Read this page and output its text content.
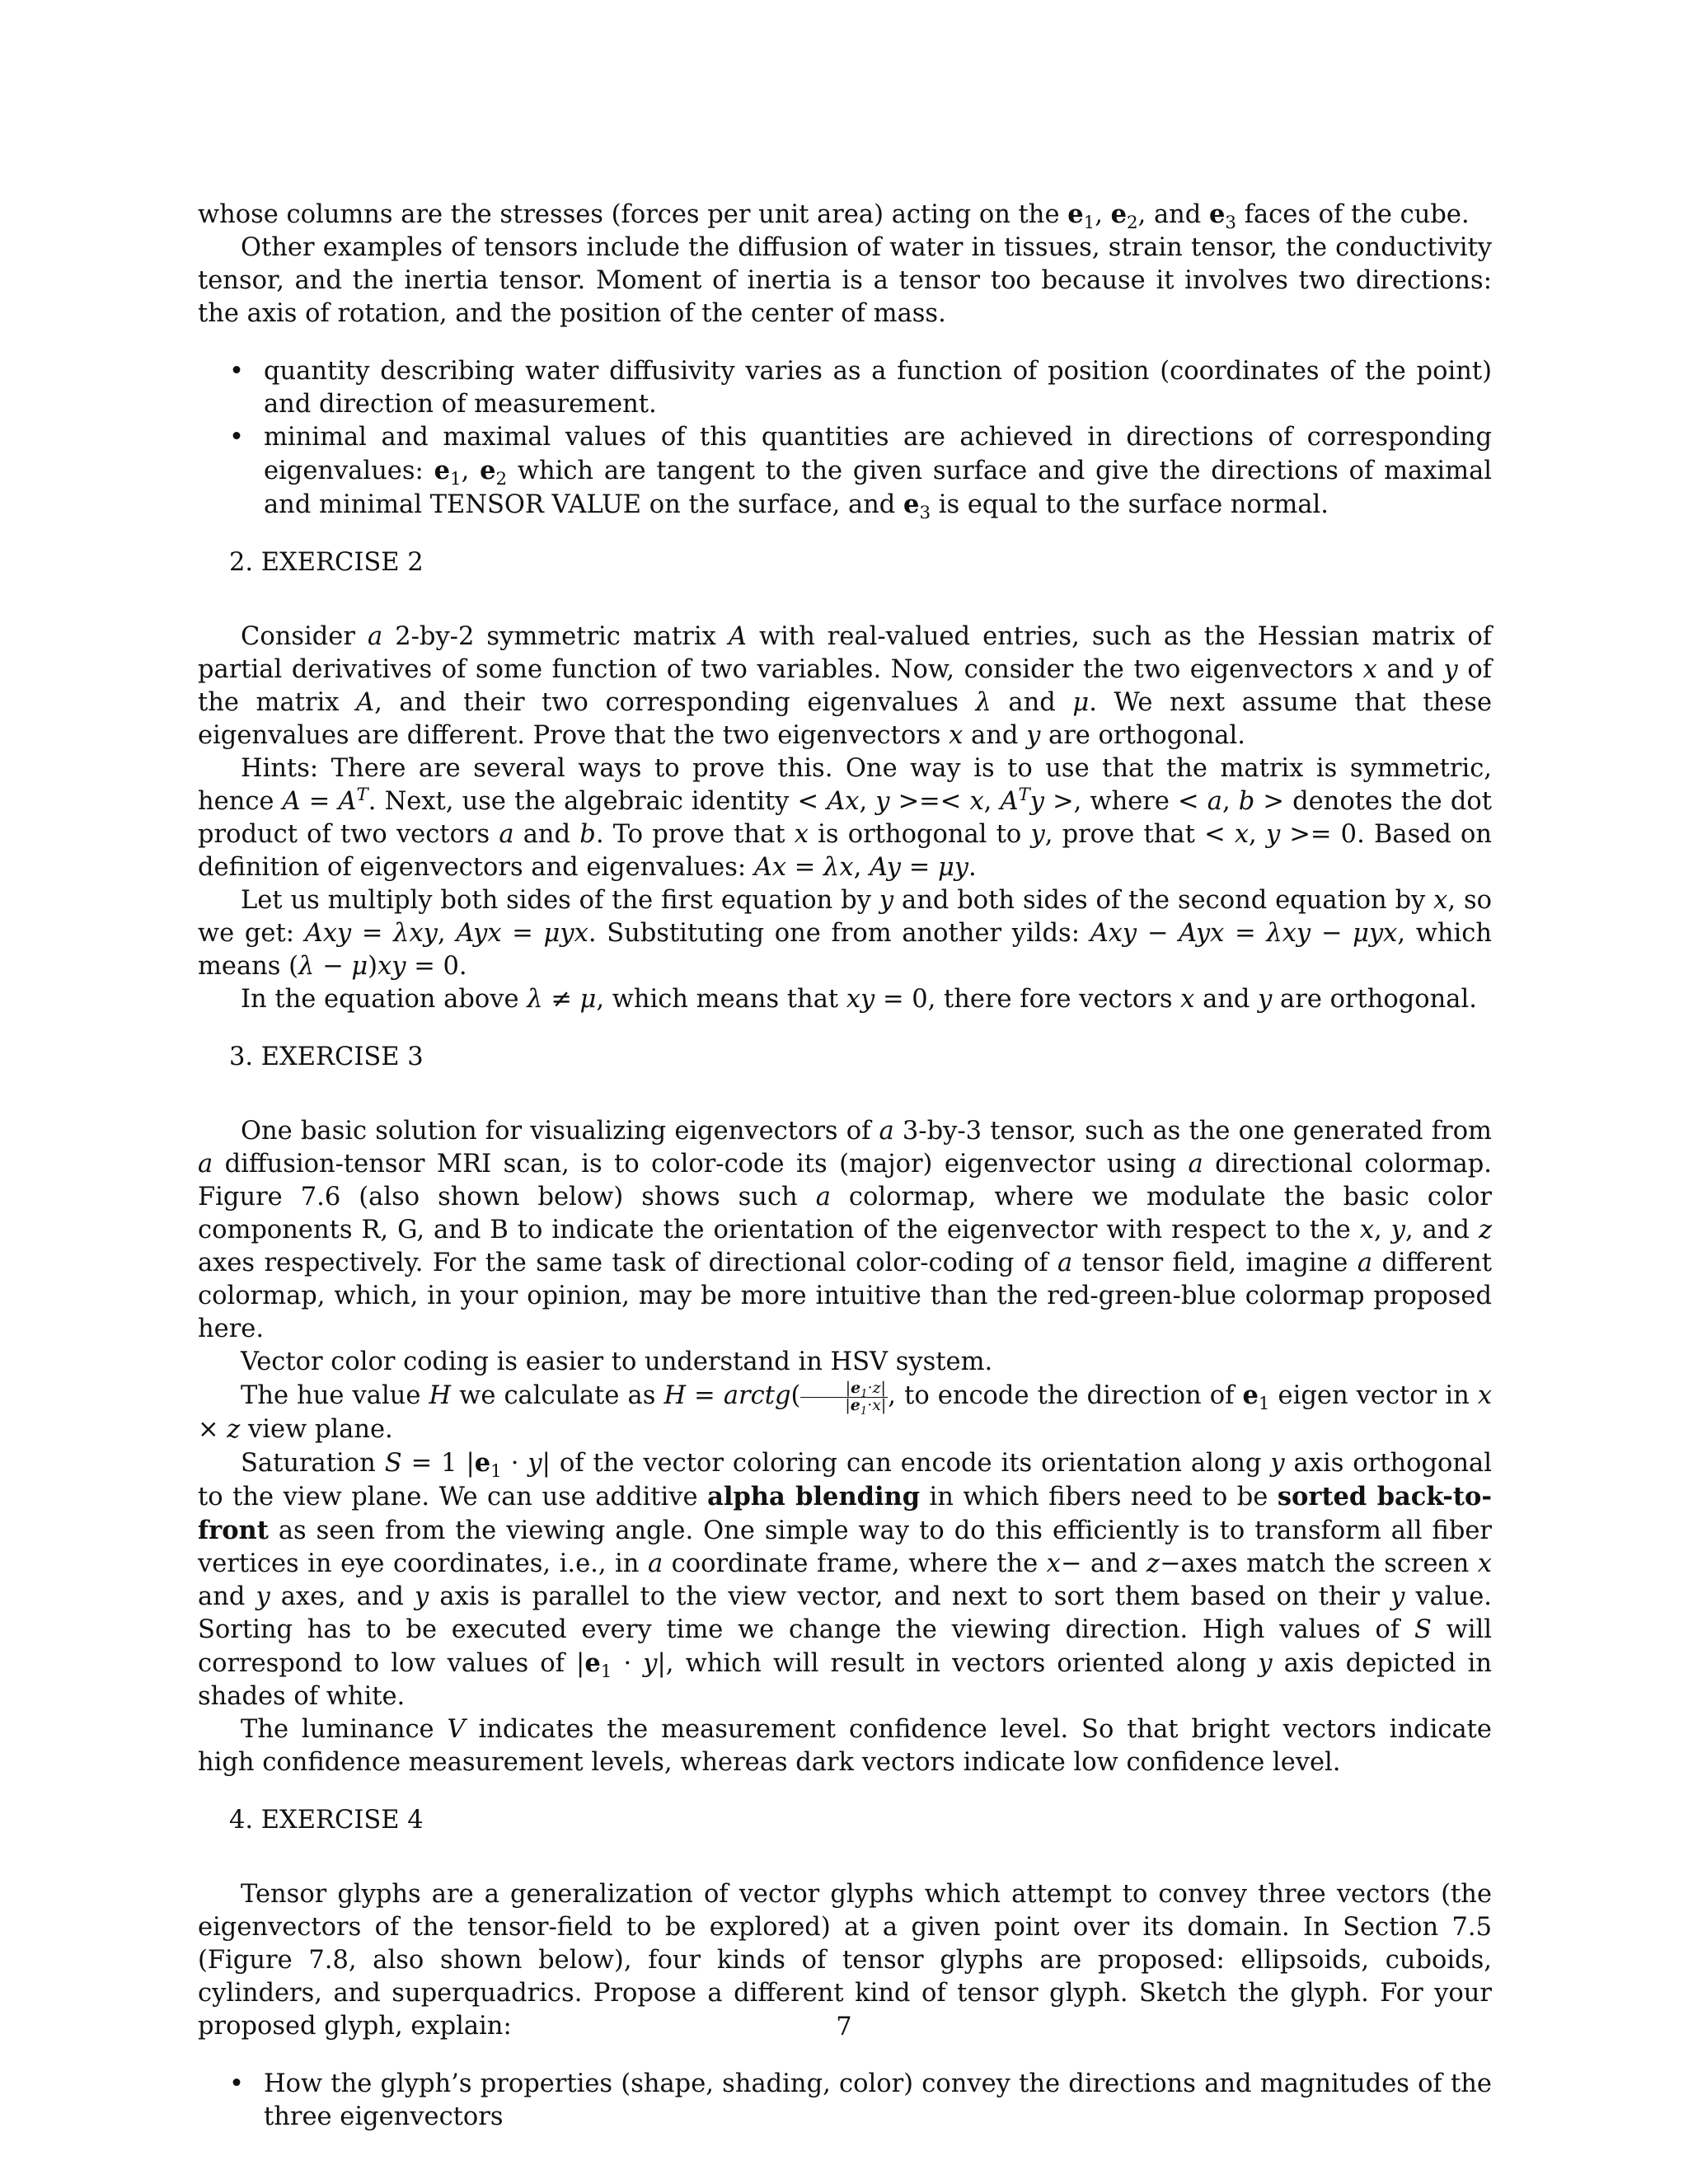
whose columns are the stresses (forces per unit area) acting on the $e_1$, $e_2$, and $e_3$ faces of the cube.

Other examples of tensors include the diffusion of water in tissues, strain tensor, the conductivity tensor, and the inertia tensor. Moment of inertia is a tensor too because it involves two directions: the axis of rotation, and the position of the center of mass.

• quantity describing water diffusivity varies as a function of position (coordinates of the point) and direction of measurement.
• minimal and maximal values of this quantities are achieved in directions of corresponding eigenvalues: $e_1$, $e_2$ which are tangent to the given surface and give the directions of maximal and minimal TENSOR VALUE on the surface, and $e_3$ is equal to the surface normal.

2. EXERCISE 2

Consider a 2-by-2 symmetric matrix A with real-valued entries, such as the Hessian matrix of partial derivatives of some function of two variables. Now, consider the two eigenvectors x and y of the matrix A, and their two corresponding eigenvalues λ and μ. We next assume that these eigenvalues are different. Prove that the two eigenvectors x and y are orthogonal.

Hints: There are several ways to prove this. One way is to use that the matrix is symmetric, hence $A = A^T$. Next, use the algebraic identity < Ax, y >=< x, $A^Ty$ >, where < a, b > denotes the dot product of two vectors a and b. To prove that x is orthogonal to y, prove that < x, y >= 0. Based on definition of eigenvectors and eigenvalues: Ax = λx, Ay = μy.

Let us multiply both sides of the first equation by y and both sides of the second equation by x, so we get: Axy = λxy, Ayx = μyx. Substituting one from another yilds: Axy − Ayx = λxy − μyx, which means (λ − μ)xy = 0.

In the equation above λ ≠ μ, which means that xy = 0, there fore vectors x and y are orthogonal.

3. EXERCISE 3

One basic solution for visualizing eigenvectors of a 3-by-3 tensor, such as the one generated from a diffusion-tensor MRI scan, is to color-code its (major) eigenvector using a directional colormap. Figure 7.6 (also shown below) shows such a colormap, where we modulate the basic color components R, G, and B to indicate the orientation of the eigenvector with respect to the x, y, and z axes respectively. For the same task of directional color-coding of a tensor field, imagine a different colormap, which, in your opinion, may be more intuitive than the red-green-blue colormap proposed here.

Vector color coding is easier to understand in HSV system.

The hue value H we calculate as H = arctg( $\frac{|e_1\cdot z|}{|e_1\cdot x|}$ , to encode the direction of $e_1$ eigen vector in x × z view plane.

Saturation S = 1 $|e_1 \cdot y|$ of the vector coloring can encode its orientation along y axis orthogonal to the view plane. We can use additive alpha blending in which fibers need to be sorted back-to-front as seen from the viewing angle. One simple way to do this efficiently is to transform all fiber vertices in eye coordinates, i.e., in a coordinate frame, where the x− and z−axes match the screen x and y axes, and y axis is parallel to the view vector, and next to sort them based on their y value. Sorting has to be executed every time we change the viewing direction. High values of S will correspond to low values of $|e_1 \cdot y|$, which will result in vectors oriented along y axis depicted in shades of white.

The luminance V indicates the measurement confidence level. So that bright vectors indicate high confidence measurement levels, whereas dark vectors indicate low confidence level.

4. EXERCISE 4

Tensor glyphs are a generalization of vector glyphs which attempt to convey three vectors (the eigenvectors of the tensor-field to be explored) at a given point over its domain. In Section 7.5 (Figure 7.8, also shown below), four kinds of tensor glyphs are proposed: ellipsoids, cuboids, cylinders, and superquadrics. Propose a different kind of tensor glyph. Sketch the glyph. For your proposed glyph, explain:

• How the glyph’s properties (shape, shading, color) convey the directions and magnitudes of the three eigenvectors
7
